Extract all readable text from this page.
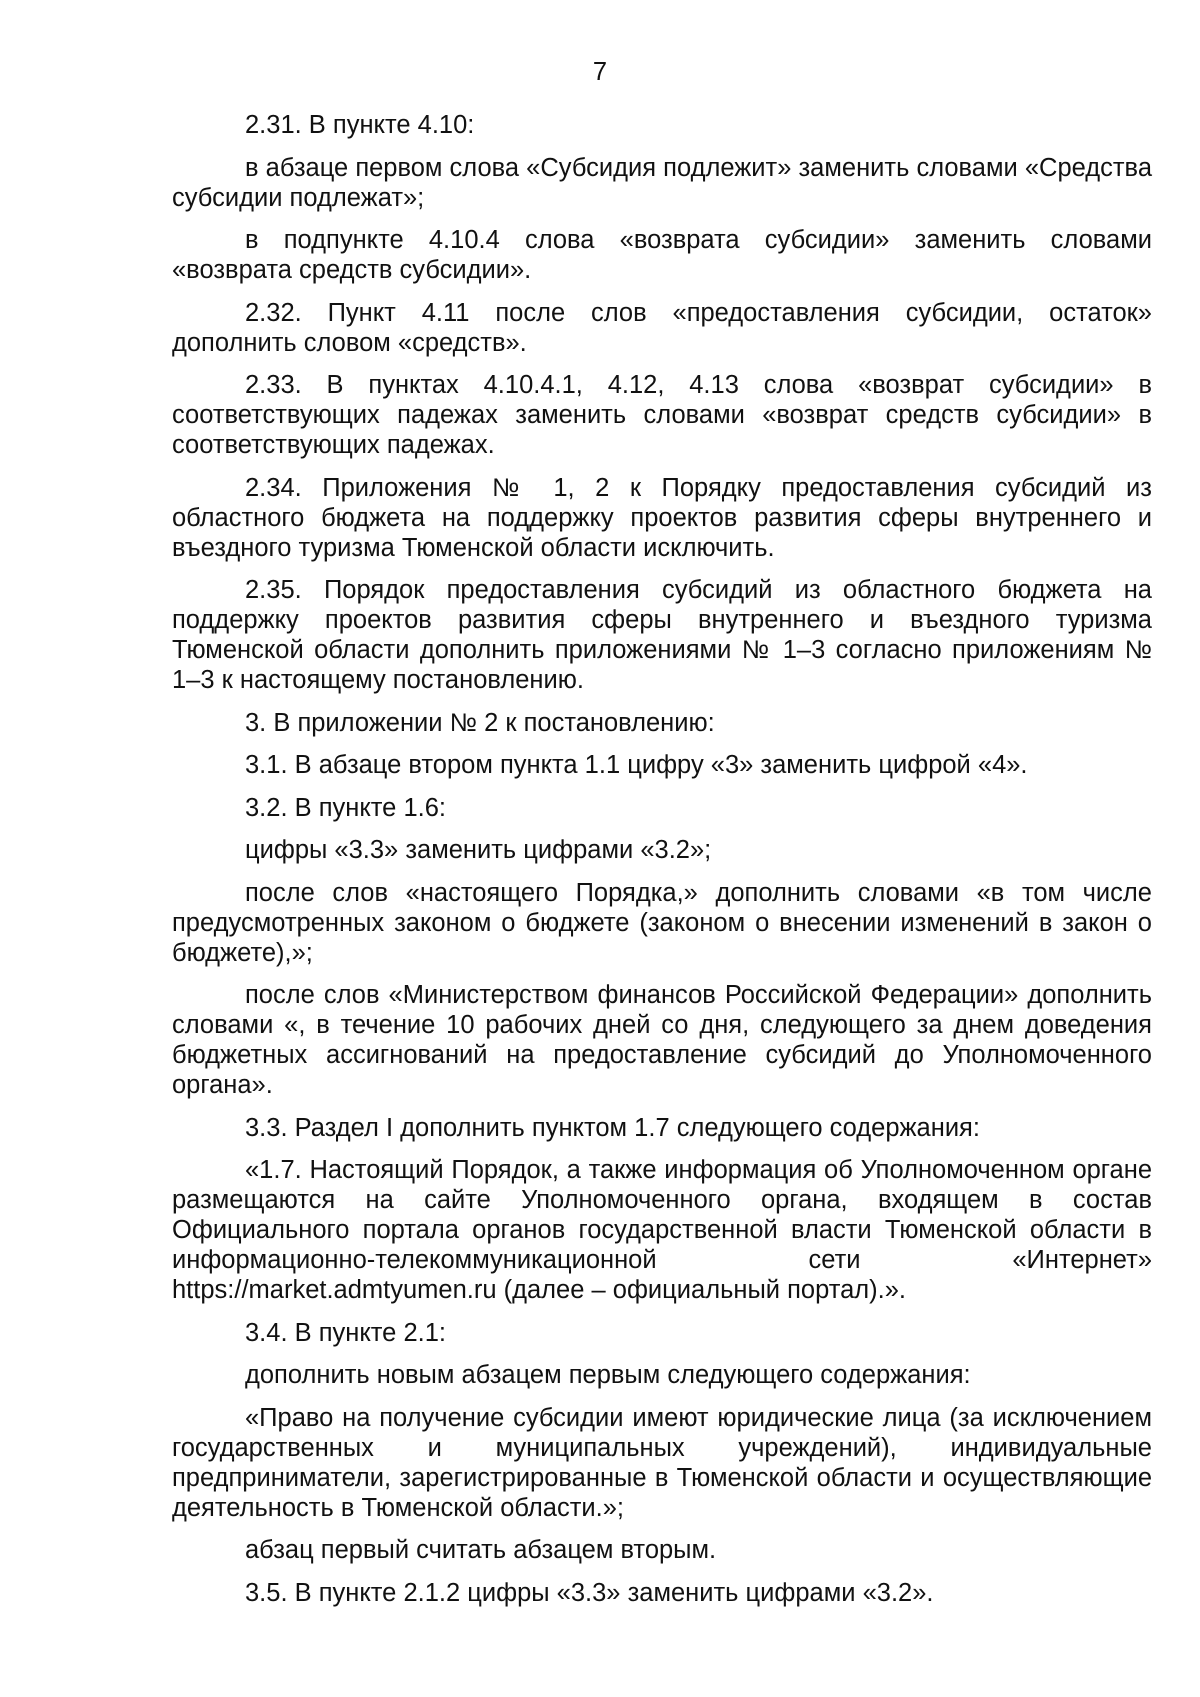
7

2.31. В пункте 4.10:

в абзаце первом слова «Субсидия подлежит» заменить словами «Средства субсидии подлежат»;

в подпункте 4.10.4 слова «возврата субсидии» заменить словами «возврата средств субсидии».

2.32. Пункт 4.11 после слов «предоставления субсидии, остаток» дополнить словом «средств».

2.33. В пунктах 4.10.4.1, 4.12, 4.13 слова «возврат субсидии» в соответствующих падежах заменить словами «возврат средств субсидии» в соответствующих падежах.

2.34. Приложения № 1, 2 к Порядку предоставления субсидий из областного бюджета на поддержку проектов развития сферы внутреннего и въездного туризма Тюменской области исключить.

2.35. Порядок предоставления субсидий из областного бюджета на поддержку проектов развития сферы внутреннего и въездного туризма Тюменской области дополнить приложениями № 1–3 согласно приложениям № 1–3 к настоящему постановлению.

3. В приложении № 2 к постановлению:

3.1. В абзаце втором пункта 1.1 цифру «3» заменить цифрой «4».

3.2. В пункте 1.6:

цифры «3.3» заменить цифрами «3.2»;

после слов «настоящего Порядка,» дополнить словами «в том числе предусмотренных законом о бюджете (законом о внесении изменений в закон о бюджете),»;

после слов «Министерством финансов Российской Федерации» дополнить словами «, в течение 10 рабочих дней со дня, следующего за днем доведения бюджетных ассигнований на предоставление субсидий до Уполномоченного органа».

3.3. Раздел I дополнить пунктом 1.7 следующего содержания:

«1.7. Настоящий Порядок, а также информация об Уполномоченном органе размещаются на сайте Уполномоченного органа, входящем в состав Официального портала органов государственной власти Тюменской области в информационно-телекоммуникационной сети «Интернет» https://market.admtyumen.ru (далее – официальный портал).».

3.4. В пункте 2.1:

дополнить новым абзацем первым следующего содержания:

«Право на получение субсидии имеют юридические лица (за исключением государственных и муниципальных учреждений), индивидуальные предприниматели, зарегистрированные в Тюменской области и осуществляющие деятельность в Тюменской области.»;

абзац первый считать абзацем вторым.

3.5. В пункте 2.1.2 цифры «3.3» заменить цифрами «3.2».
